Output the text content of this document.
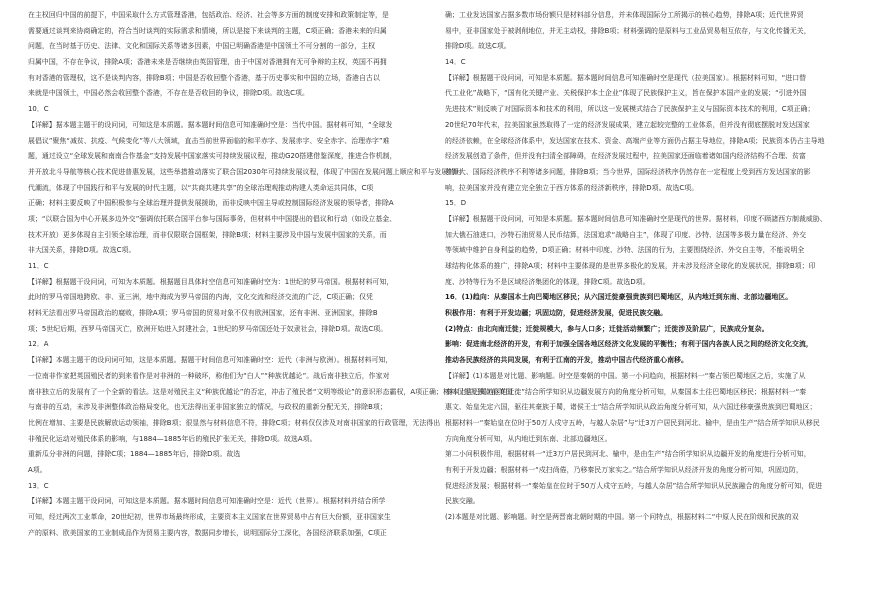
在主权回归中国的前提下，中国采取什么方式管理香港，包括政治、经济、社会等多方面的制度安排和政策制定等，是
需要通过谈判来协商确定的，符合当时谈判的实际需求和情境，所以是接下来谈判的主题，C项正确；香港未来的归属
问题，在当时基于历史、法律、文化和国际关系等诸多因素，中国已明确香港是中国领土不可分割的一部分，主权
归属中国，不存在争议，排除A项；香港未来是否继续由英国管理，由于中国对香港拥有无可争辩的主权，英国不再拥
有对香港的管理权，这不是谈判内容，排除B项；中国是否收回整个香港，基于历史事实和中国的立场，香港自古以
来就是中国领土，中国必然会收回整个香港，不存在是否收回的争议，排除D项。故选C项。
10．C
【详解】据本题主题干的设问词，可知这是本质题。据本题时间信息可知准确时空是：当代中国。据材料可知，“全球发
展倡议”聚焦“减贫、抗疫、气候变化”等八大领域，直击当前世界面临的和平赤字、发展赤字、安全赤字、治理赤字”难
题，通过设立“全球发展和南南合作基金”支持发展中国家落实可持续发展议程，推动G20搭建借鉴深度，推进合作机制，
并开放北斗导航等核心技术促进普惠发展，这些举措推动落实了联合国2030年可持续发展议程，体现了中国在发展问题上顺应和平与发展的时
代潮流，体现了中国践行和平与发展的时代主题，以“共商共建共享”的全球治理观推动构建人类命运共同体，C项
正确；材料主要反映了中国积极参与全球治理并提供发展援助，而非反映中国主导或控制国际经济发展的领导者，排除A
项；“以联合国为中心开展多边外交”强调依托联合国平台参与国际事务，但材料中中国提出的倡议和行动（如设立基金、
技术开放）更多体现自主引领全球治理，而非仅限联合国框架，排除B项；材料主要涉及中国与发展中国家的关系，而
非大国关系，排除D项。故选C项。
11．C
【详解】根据题干设问词，可知为本质题。根据题目具体时空信息可知准确时空为：1世纪的罗马帝国。根据材料可知，
此时的罗马帝国地跨欧、非、亚三洲，地中海成为罗马帝国的内海，文化交流和经济交流的广泛，C项正确；仅凭
材料无法看出罗马帝国政治的腐败，排除A项；罗马帝国的贸易对象不仅有欧洲国家，还有非洲、亚洲国家，排除B
项；5世纪后期，西罗马帝国灭亡，欧洲开始进入封建社会，1世纪的罗马帝国还处于奴隶社会，排除D项。故选C项。
12．A
【详解】本题主题干的设问词可知，这是本质题。据题干时间信息可知准确时空：近代（非洲与欧洲）。根据材料可知，
一位南非作家把英国殖民者的到来看作是对非洲的一种破坏，称他们为“白人”“种族优越论”。战后南非独立后，作家对
南非独立后的发展有了一个全新的看法。这是对殖民主义“种族优越论”的否定，冲击了殖民者“文明等级论”的意识形态霸权，A项正确；材料仅提及独立前英国
与南非的互动，未涉及非洲整体政治格局变化，也无法得出亚非国家独立的情况，与政权的重新分配无关，排除B项；
比例在增加、主要是民族解放运动领袖，排除B项；很显然与材料信息不符，排除C项；材料仅仅涉及对南非国家的行政管理，无法得出
非殖民化运动对殖民体系的影响，与1884—1885年后的殖民扩张无关，排除D项。故选A项。
重新瓜分非洲的问题，排除C项；1884—1885年后，排除D项。故选
A项。
13．C
【详解】本题主题干设问词，可知这是本质题。据本题时间信息可知准确时空是：近代（世界）。根据材料并结合所学
可知，经过两次工业革命，20世纪初，世界市场最终形成，主要资本主义国家在世界贸易中占有巨大份额，亚非国家生
产的原料、欧美国家的工业制成品作为贸易主要内容，数据同步增长，说明国际分工深化，各国经济联系加强，C项正
确；工业发达国家占据多数市场份额只是材料部分信息，并未体现国际分工所揭示的核心趋势，排除A项；近代世界贸
易中，亚非国家处于被剥削地位，并无主动权，排除B项；材料强调的是原料与工业品贸易相互依存，与文化传播无关，
排除D项。故选C项。
14．C
【详解】根据题干设问词，可知是本质题。据本题时间信息可知准确时空是现代（拉美国家）。根据材料可知，“进口替
代工业化”战略下，“国有化关键产业、关税保护本土企业”体现了民族保护主义，旨在保护本国产业的发展；“引进外国
先进技术”则反映了对国际资本和技术的利用，所以这一发展模式结合了民族保护主义与国际资本技术的利用，C项正确；
20世纪70年代末，拉美国家虽然取得了一定的经济发展成果，建立起较完整的工业体系，但并没有彻底摆脱对发达国家
的经济依赖，在全球经济体系中，发达国家在技术、资金、高端产业等方面仍占据主导地位，排除A项；民族资本仍占主导地
经济发展创造了条件，但并没有扫清全部障碍，在经济发展过程中，拉美国家还面临着诸如国内经济结构不合理、贫富
差距大、国际经济秩序不利等诸多问题，排除B项；当今世界，国际经济秩序仍然存在一定程度上受到西方发达国家的影
响，拉美国家并没有建立完全独立于西方体系的经济新秩序，排除D项。故选C项。
15．D
【详解】根据题干设问词，可知是本质题。据本题时间信息可知准确时空是现代的世界。据材料，印度不顾諸西方制裁威胁、
加大俄石油进口，沙特石油贸易人民币结算，法国追求“战略自主”，体现了印度、沙特、法国等多极力量在经济、外交
等领域中维护自身利益的趋势，D项正确；材料中印度、沙特、法国的行为，主要围绕经济、外交自主等，不能说明全
球结构化体系的推广，排除A项；材料中主要体现的是世界多极化的发展，并未涉及经济全球化的发展状况，排除B项；印
度、沙特等行为不是区域经济集团化的体现，排除C项。故选D项。
16．(1)趋向：从秦国本土向巴蜀地区移民；从六国迁徙豪强贵族到巴蜀地区，从内地迁到东南、北部边疆地区。
积极作用：有利于开发边疆；巩固边防，促进经济发展，促进民族交融。
(2)特点：由北向南迁徙；迁徙规模大，参与人口多；迁徙活动频繁广；迁徙涉及阶层广，民族成分复杂。
影响：促进南北经济的开发，有利于加强全国各地区经济文化发展的平衡性；有利于国内各族人民之间的经济文化交流，
推动各民族经济的共同发展，有利于江南的开发，推动中国古代经济重心南移。
【详解】(1)本题是对比题、影响题。时空是秦朝的中国。第一小问趋向，根据材料一“秦占领巴蜀地区之后，实施了从
秦本土往巴蜀地区的迁徙”结合所学知识从边疆发展方向的角度分析可知，从秦国本土往巴蜀地区移民；根据材料一“秦
惠文、始皇先定六国，驱往其豪族于蜀，诸侯王士”结合所学知识从政治角度分析可知，从六国迁移豪强贵族到巴蜀地区；
根据材料一“秦始皇在位时于50万人戍守五岭，与越人杂居”与“迁3万户居民到河北、榆中，是由生产”结合所学知识从移民
方向角度分析可知，从内地迁到东南、北部边疆地区。
第二小问积极作用，根据材料一“迁3万户居民到河北、榆中，是由生产”结合所学知识从边疆开发的角度进行分析可知，
有利于开发边疆；根据材料一“戍扫尚倦，乃移秦民万家实之。”结合所学知识从经济开发的角度分析可知，巩固边防，
促进经济发展；根据材料一“秦始皇在位时于50万人戍守五岭，与越人杂居”结合所学知识从民族融合的角度分析可知，促进
民族交融。
(2)本题是对比题、影响题。时空是两晋南北朝时期的中国。第一个问特点，根据材料二“中原人民在阶级和民族的双
